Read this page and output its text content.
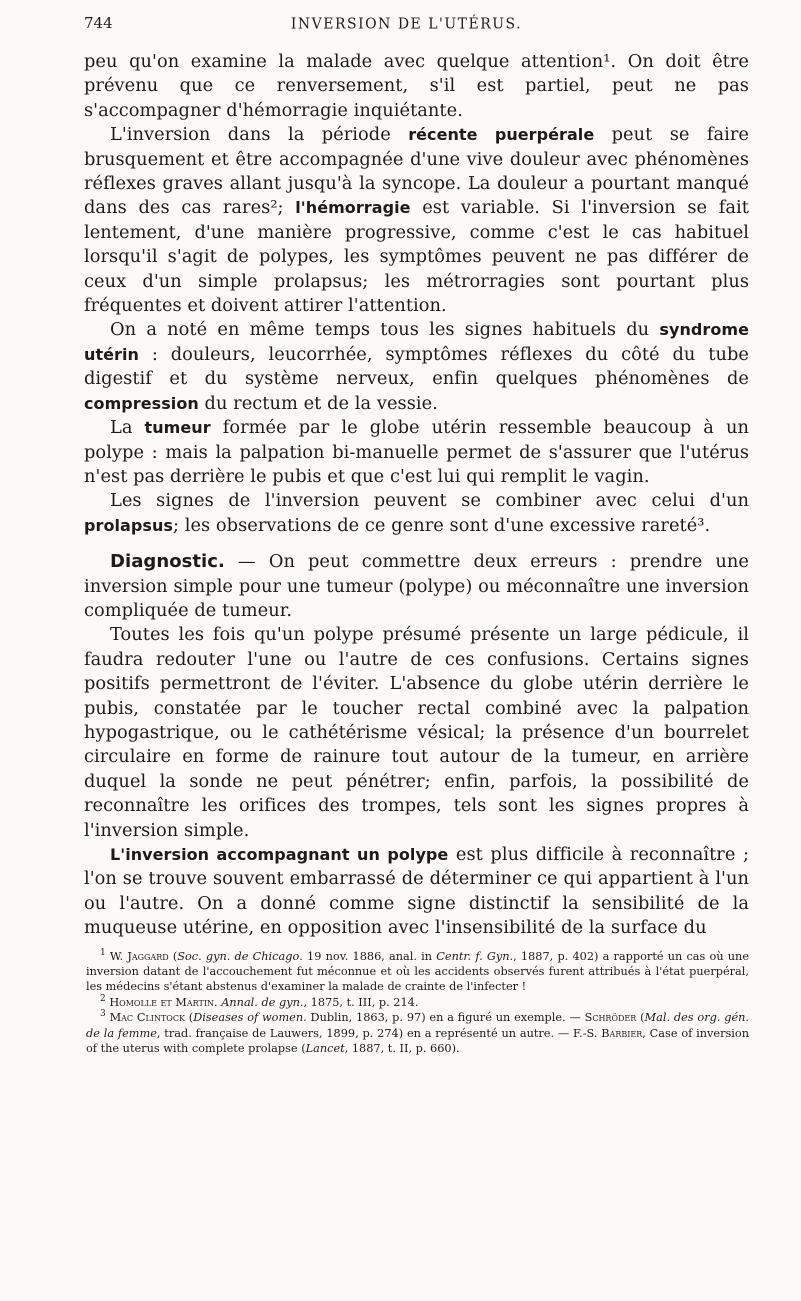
744	INVERSION DE L'UTÉRUS.

peu qu'on examine la malade avec quelque attention¹. On doit être prévenu que ce renversement, s'il est partiel, peut ne pas s'accompagner d'hémorragie inquiétante.

L'inversion dans la période récente puerpérale peut se faire brusquement et être accompagnée d'une vive douleur avec phénomènes réflexes graves allant jusqu'à la syncope. La douleur a pourtant manqué dans des cas rares²; l'hémorragie est variable. Si l'inversion se fait lentement, d'une manière progressive, comme c'est le cas habituel lorsqu'il s'agit de polypes, les symptômes peuvent ne pas différer de ceux d'un simple prolapsus; les métrorragies sont pourtant plus fréquentes et doivent attirer l'attention.

On a noté en même temps tous les signes habituels du syndrome utérin : douleurs, leucorrhée, symptômes réflexes du côté du tube digestif et du système nerveux, enfin quelques phénomènes de compression du rectum et de la vessie.

La tumeur formée par le globe utérin ressemble beaucoup à un polype : mais la palpation bi-manuelle permet de s'assurer que l'utérus n'est pas derrière le pubis et que c'est lui qui remplit le vagin.

Les signes de l'inversion peuvent se combiner avec celui d'un prolapsus; les observations de ce genre sont d'une excessive rareté³.

Diagnostic. — On peut commettre deux erreurs : prendre une inversion simple pour une tumeur (polype) ou méconnaître une inversion compliquée de tumeur.

Toutes les fois qu'un polype présumé présente un large pédicule, il faudra redouter l'une ou l'autre de ces confusions. Certains signes positifs permettront de l'éviter. L'absence du globe utérin derrière le pubis, constatée par le toucher rectal combiné avec la palpation hypogastrique, ou le cathétérisme vésical; la présence d'un bourrelet circulaire en forme de rainure tout autour de la tumeur, en arrière duquel la sonde ne peut pénétrer; enfin, parfois, la possibilité de reconnaître les orifices des trompes, tels sont les signes propres à l'inversion simple.

L'inversion accompagnant un polype est plus difficile à reconnaître ; l'on se trouve souvent embarrassé de déterminer ce qui appartient à l'un ou l'autre. On a donné comme signe distinctif la sensibilité de la muqueuse utérine, en opposition avec l'insensibilité de la surface du

$^1$ W. Jaggard (Soc. gyn. de Chicago. 19 nov. 1886, anal. in Centr. f. Gyn., 1887, p. 402) a rapporté un cas où une inversion datant de l'accouchement fut méconnue et où les accidents observés furent attribués à l'état puerpéral, les médecins s'étant abstenus d'examiner la malade de crainte de l'infecter !

$^2$ Homolle et Martin. Annal. de gyn., 1875, t. III, p. 214.

$^3$ Mac Clintock (Diseases of women. Dublin, 1863, p. 97) en a figuré un exemple. — Schröder (Mal. des org. gén. de la femme, trad. française de Lauwers, 1899, p. 274) en a représenté un autre. — F.-S. Barbier, Case of inversion of the uterus with complete prolapse (Lancet, 1887, t. II, p. 660).
